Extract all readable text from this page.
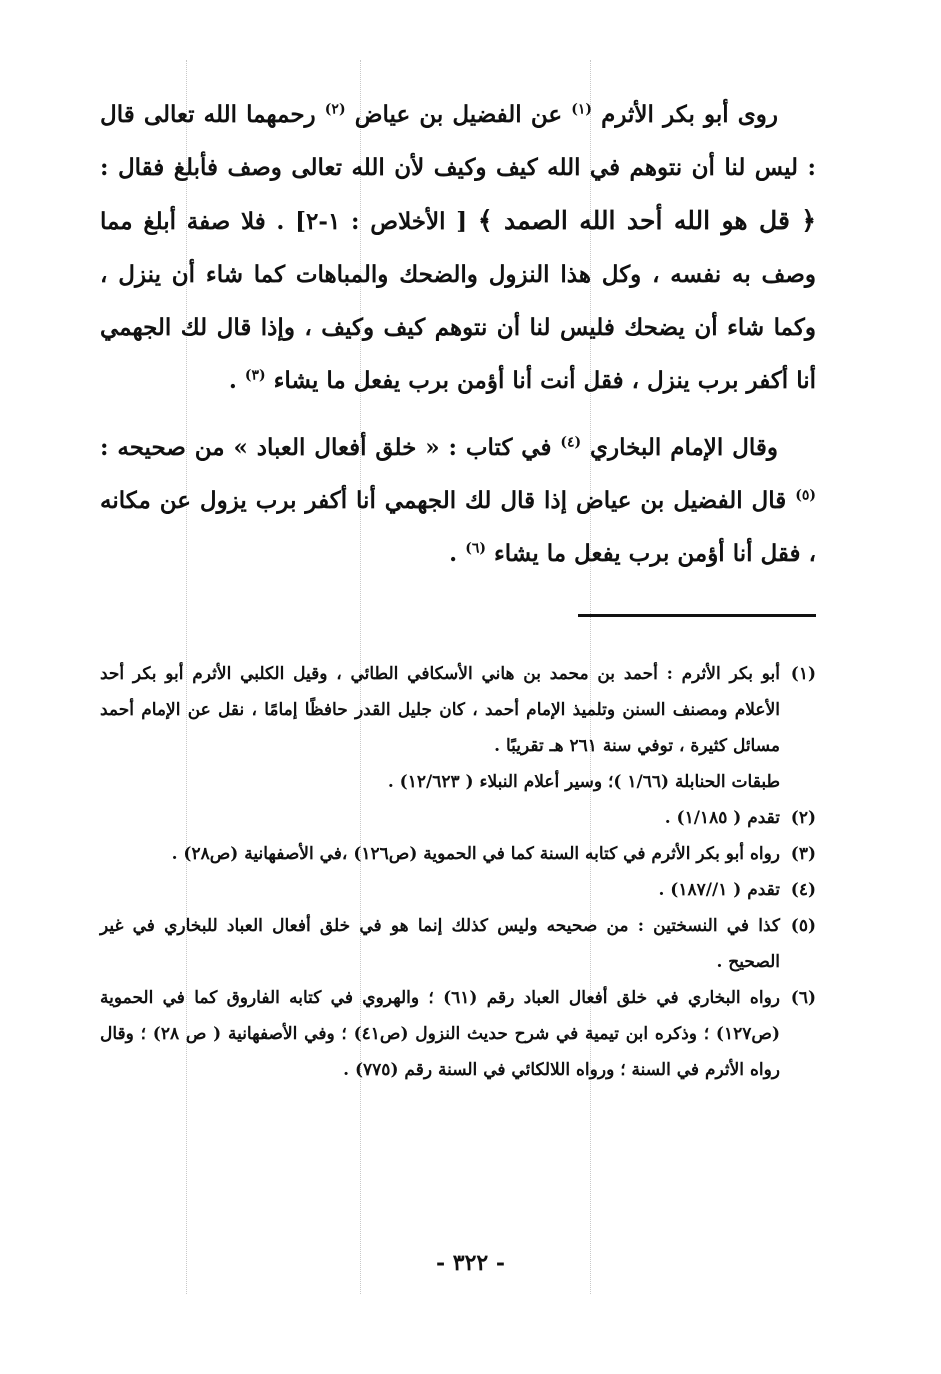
روى أبو بكر الأثرم $^{(١)}$ عن الفضيل بن عياض $^{(٢)}$ رحمهما الله تعالى قال : ليس لنا أن نتوهم في الله كيف وكيف لأن الله تعالى وصف فأبلغ فقال : ﴿ قل هو الله أحد الله الصمد ﴾ [ الأخلاص : ١-٢] . فلا صفة أبلغ مما وصف به نفسه ، وكل هذا النزول والضحك والمباهات كما شاء أن ينزل ، وكما شاء أن يضحك فليس لنا أن نتوهم كيف وكيف ، وإذا قال لك الجهمي أنا أكفر برب ينزل ، فقل أنت أنا أؤمن برب يفعل ما يشاء $^{(٣)}$ .

وقال الإمام البخاري $^{(٤)}$ في كتاب : « خلق أفعال العباد » من صحيحه : $^{(٥)}$ قال الفضيل بن عياض إذا قال لك الجهمي أنا أكفر برب يزول عن مكانه ، فقل أنا أؤمن برب يفعل ما يشاء $^{(٦)}$ .

(١)
أبو بكر الأثرم : أحمد بن محمد بن هاني الأسكافي الطائي ، وقيل الكلبي الأثرم أبو بكر أحد الأعلام ومصنف السنن وتلميذ الإمام أحمد ، كان جليل القدر حافظًا إمامًا ، نقل عن الإمام أحمد مسائل كثيرة ، توفي سنة ٢٦١ هـ تقريبًا .
طبقات الحنابلة (١/٦٦ )؛ وسير أعلام النبلاء ( ١٢/٦٢٣) .
(٢)
تقدم ( ١/١٨٥) .
(٣)
رواه أبو بكر الأثرم في كتابه السنة كما في الحموية (ص١٢٦) ،في الأصفهانية (ص٢٨) .
(٤)
تقدم ( ١//١٨٧) .
(٥)
كذا في النسختين : من صحيحه وليس كذلك إنما هو في خلق أفعال العباد للبخاري في غير الصحيح .
(٦)
رواه البخاري في خلق أفعال العباد رقم (٦١) ؛ والهروي في كتابه الفاروق كما في الحموية (ص١٢٧) ؛ وذكره ابن تيمية في شرح حديث النزول (ص٤١) ؛ وفي الأصفهانية ( ص ٢٨) ؛ وقال رواه الأثرم في السنة ؛ ورواه اللالكائي في السنة رقم (٧٧٥) .
- ٣٢٢ -
